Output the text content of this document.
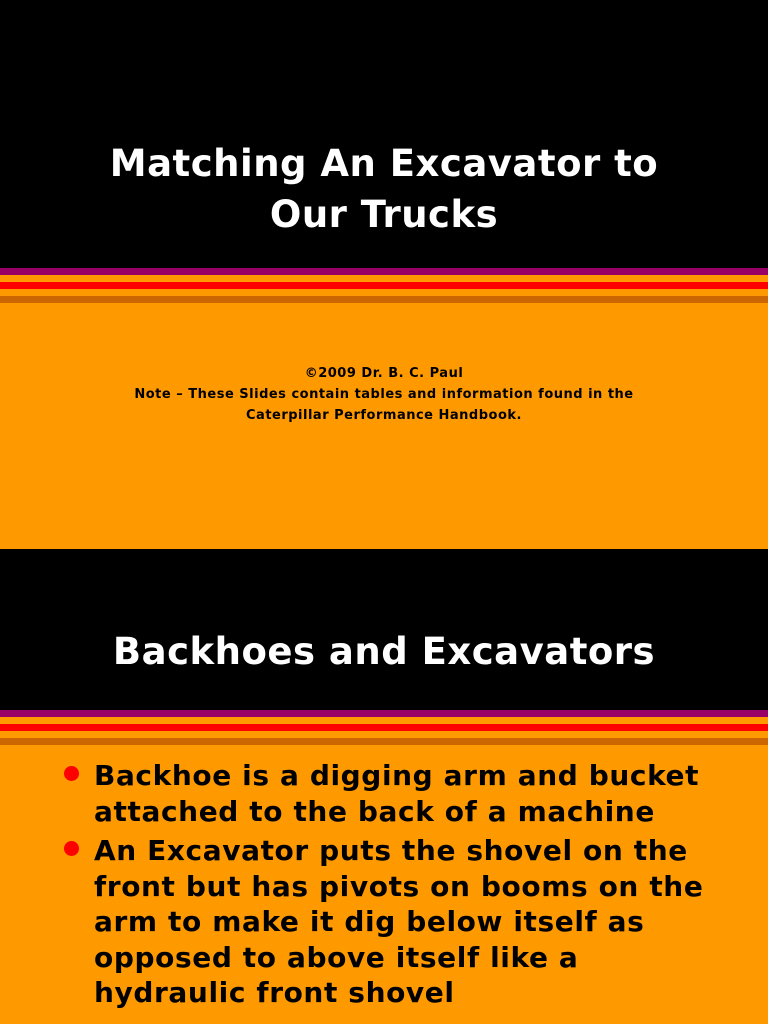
Matching An Excavator to
Our Trucks
©2009 Dr. B. C. Paul
Note – These Slides contain tables and information found in the
Caterpillar Performance Handbook.
Backhoes and Excavators
Backhoe is a digging arm and bucket
attached to the back of a machine
An Excavator puts the shovel on the
front but has pivots on booms on the
arm to make it dig below itself as
opposed to above itself like a
hydraulic front shovel
